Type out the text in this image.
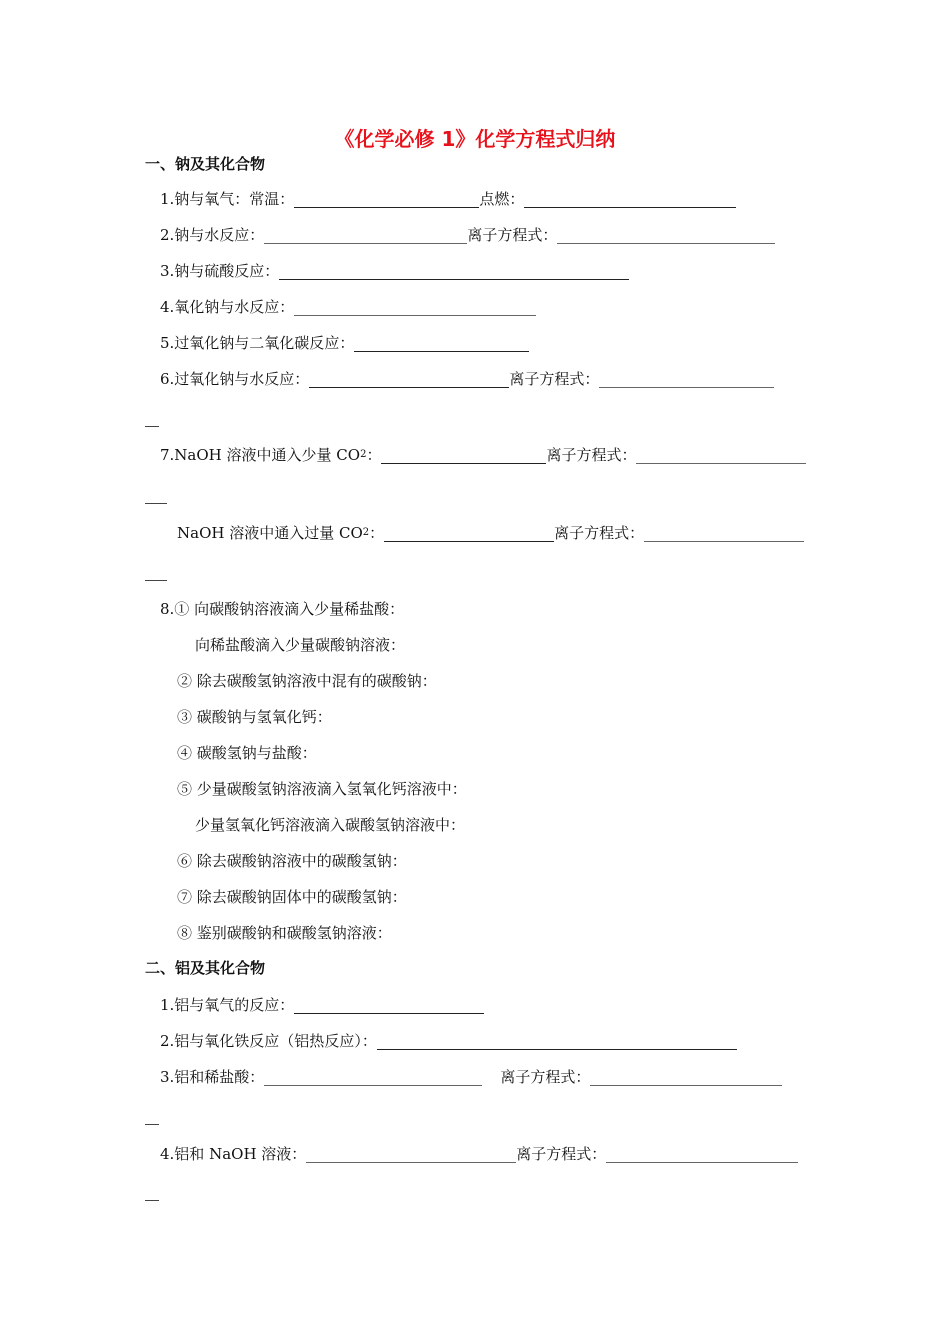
《化学必修 1》化学方程式归纳
一、钠及其化合物
1.钠与氧气：常温：	点燃：
2.钠与水反应：	离子方程式：
3.钠与硫酸反应：
4.氧化钠与水反应：
5.过氧化钠与二氧化碳反应：
6.过氧化钠与水反应：	离子方程式：
7.NaOH 溶液中通入少量 CO 2 ：	离子方程式：
NaOH 溶液中通入过量 CO 2 ：	离子方程式：
8.① 向碳酸钠溶液滴入少量稀盐酸：
向稀盐酸滴入少量碳酸钠溶液：
② 除去碳酸氢钠溶液中混有的碳酸钠：
③ 碳酸钠与氢氧化钙：
④ 碳酸氢钠与盐酸：
⑤ 少量碳酸氢钠溶液滴入氢氧化钙溶液中：
少量氢氧化钙溶液滴入碳酸氢钠溶液中：
⑥ 除去碳酸钠溶液中的碳酸氢钠：
⑦ 除去碳酸钠固体中的碳酸氢钠：
⑧ 鉴别碳酸钠和碳酸氢钠溶液：
二、铝及其化合物
1.铝与氧气的反应：
2.铝与氧化铁反应（铝热反应）：
3.铝和稀盐酸：	离子方程式：
4.铝和 NaOH 溶液：	离子方程式：
